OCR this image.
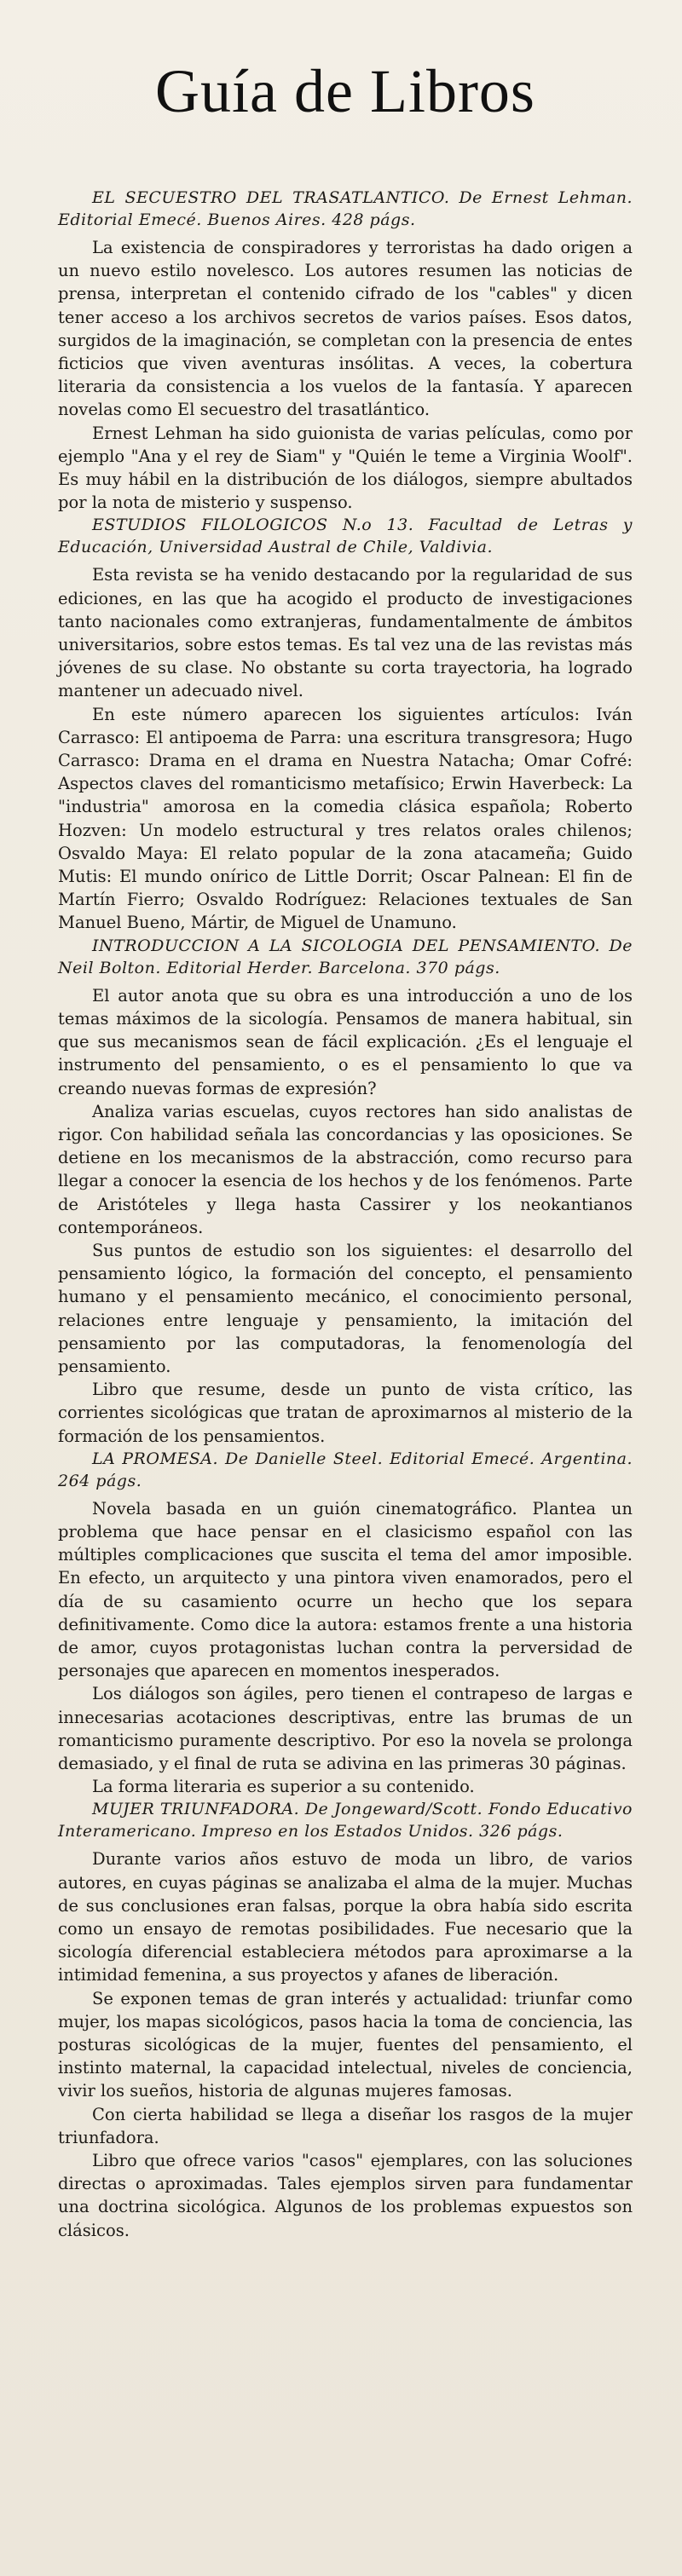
Guía de Libros

EL SECUESTRO DEL TRASATLANTICO. De Ernest Lehman. Editorial Emecé. Buenos Aires. 428 págs.

La existencia de conspiradores y terroristas ha dado origen a un nuevo estilo novelesco. Los autores resumen las noticias de prensa, interpretan el contenido cifrado de los "cables" y dicen tener acceso a los archivos secretos de varios países. Esos datos, surgidos de la imaginación, se completan con la presencia de entes ficticios que viven aventuras insólitas. A veces, la cobertura literaria da consistencia a los vuelos de la fantasía. Y aparecen novelas como El secuestro del trasatlántico.

Ernest Lehman ha sido guionista de varias películas, como por ejemplo "Ana y el rey de Siam" y "Quién le teme a Virginia Woolf". Es muy hábil en la distribución de los diálogos, siempre abultados por la nota de misterio y suspenso.

ESTUDIOS FILOLOGICOS N.o 13. Facultad de Letras y Educación, Universidad Austral de Chile, Valdivia.

Esta revista se ha venido destacando por la regularidad de sus ediciones, en las que ha acogido el producto de investigaciones tanto nacionales como extranjeras, fundamentalmente de ámbitos universitarios, sobre estos temas. Es tal vez una de las revistas más jóvenes de su clase. No obstante su corta trayectoria, ha logrado mantener un adecuado nivel.

En este número aparecen los siguientes artículos: Iván Carrasco: El antipoema de Parra: una escritura transgresora; Hugo Carrasco: Drama en el drama en Nuestra Natacha; Omar Cofré: Aspectos claves del romanticismo metafísico; Erwin Haverbeck: La "industria" amorosa en la comedia clásica española; Roberto Hozven: Un modelo estructural y tres relatos orales chilenos; Osvaldo Maya: El relato popular de la zona atacameña; Guido Mutis: El mundo onírico de Little Dorrit; Oscar Palnean: El fin de Martín Fierro; Osvaldo Rodríguez: Relaciones textuales de San Manuel Bueno, Mártir, de Miguel de Unamuno.

INTRODUCCION A LA SICOLOGIA DEL PENSAMIENTO. De Neil Bolton. Editorial Herder. Barcelona. 370 págs.

El autor anota que su obra es una introducción a uno de los temas máximos de la sicología. Pensamos de manera habitual, sin que sus mecanismos sean de fácil explicación. ¿Es el lenguaje el instrumento del pensamiento, o es el pensamiento lo que va creando nuevas formas de expresión?

Analiza varias escuelas, cuyos rectores han sido analistas de rigor. Con habilidad señala las concordancias y las oposiciones. Se detiene en los mecanismos de la abstracción, como recurso para llegar a conocer la esencia de los hechos y de los fenómenos. Parte de Aristóteles y llega hasta Cassirer y los neokantianos contemporáneos.

Sus puntos de estudio son los siguientes: el desarrollo del pensamiento lógico, la formación del concepto, el pensamiento humano y el pensamiento mecánico, el conocimiento personal, relaciones entre lenguaje y pensamiento, la imitación del pensamiento por las computadoras, la fenomenología del pensamiento.

Libro que resume, desde un punto de vista crítico, las corrientes sicológicas que tratan de aproximarnos al misterio de la formación de los pensamientos.

LA PROMESA. De Danielle Steel. Editorial Emecé. Argentina. 264 págs.

Novela basada en un guión cinematográfico. Plantea un problema que hace pensar en el clasicismo español con las múltiples complicaciones que suscita el tema del amor imposible. En efecto, un arquitecto y una pintora viven enamorados, pero el día de su casamiento ocurre un hecho que los separa definitivamente. Como dice la autora: estamos frente a una historia de amor, cuyos protagonistas luchan contra la perversidad de personajes que aparecen en momentos inesperados.

Los diálogos son ágiles, pero tienen el contrapeso de largas e innecesarias acotaciones descriptivas, entre las brumas de un romanticismo puramente descriptivo. Por eso la novela se prolonga demasiado, y el final de ruta se adivina en las primeras 30 páginas.

La forma literaria es superior a su contenido.

MUJER TRIUNFADORA. De Jongeward/Scott. Fondo Educativo Interamericano. Impreso en los Estados Unidos. 326 págs.

Durante varios años estuvo de moda un libro, de varios autores, en cuyas páginas se analizaba el alma de la mujer. Muchas de sus conclusiones eran falsas, porque la obra había sido escrita como un ensayo de remotas posibilidades. Fue necesario que la sicología diferencial estableciera métodos para aproximarse a la intimidad femenina, a sus proyectos y afanes de liberación.

Se exponen temas de gran interés y actualidad: triunfar como mujer, los mapas sicológicos, pasos hacia la toma de conciencia, las posturas sicológicas de la mujer, fuentes del pensamiento, el instinto maternal, la capacidad intelectual, niveles de conciencia, vivir los sueños, historia de algunas mujeres famosas.

Con cierta habilidad se llega a diseñar los rasgos de la mujer triunfadora.

Libro que ofrece varios "casos" ejemplares, con las soluciones directas o aproximadas. Tales ejemplos sirven para fundamentar una doctrina sicológica. Algunos de los problemas expuestos son clásicos.
